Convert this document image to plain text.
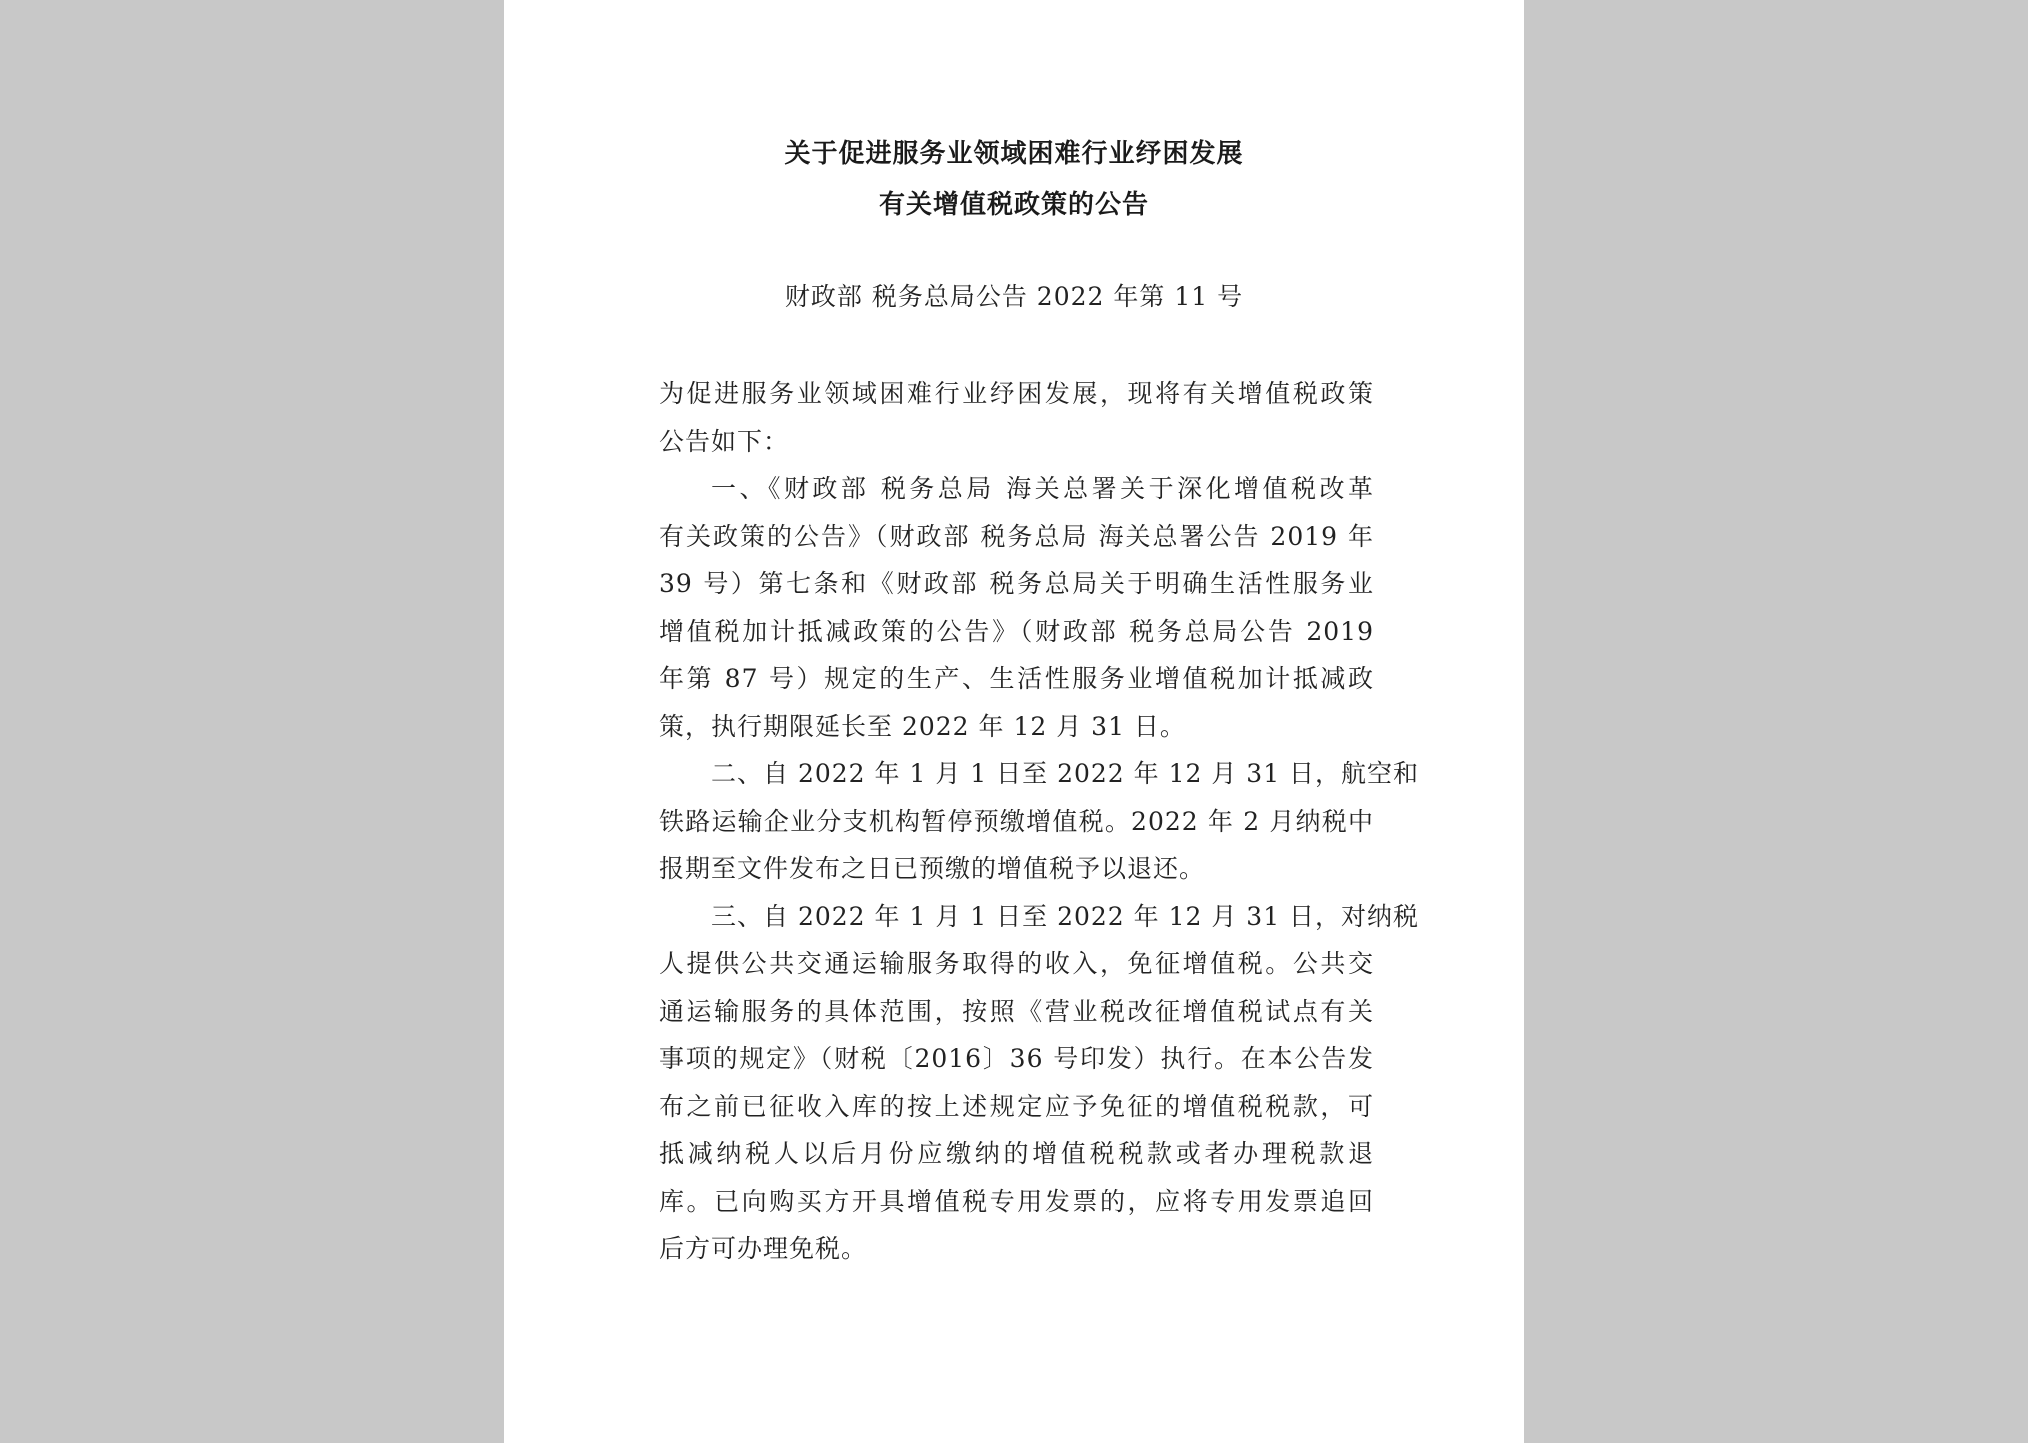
关于促进服务业领域困难行业纾困发展
有关增值税政策的公告
财政部 税务总局公告 2022 年第 11 号
为促进服务业领域困难行业纾困发展，现将有关增值税政策
公告如下：
一、《财政部 税务总局 海关总署关于深化增值税改革
有关政策的公告》（财政部 税务总局 海关总署公告 2019 年
39 号）第七条和《财政部 税务总局关于明确生活性服务业
增值税加计抵减政策的公告》（财政部 税务总局公告 2019
年第 87 号）规定的生产、生活性服务业增值税加计抵减政
策，执行期限延长至 2022 年 12 月 31 日。
二、自 2022 年 1 月 1 日至 2022 年 12 月 31 日，航空和
铁路运输企业分支机构暂停预缴增值税。2022 年 2 月纳税中
报期至文件发布之日已预缴的增值税予以退还。
三、自 2022 年 1 月 1 日至 2022 年 12 月 31 日，对纳税
人提供公共交通运输服务取得的收入，免征增值税。公共交
通运输服务的具体范围，按照《营业税改征增值税试点有关
事项的规定》（财税〔2016〕36 号印发）执行。在本公告发
布之前已征收入库的按上述规定应予免征的增值税税款，可
抵减纳税人以后月份应缴纳的增值税税款或者办理税款退
库。已向购买方开具增值税专用发票的，应将专用发票追回
后方可办理免税。
